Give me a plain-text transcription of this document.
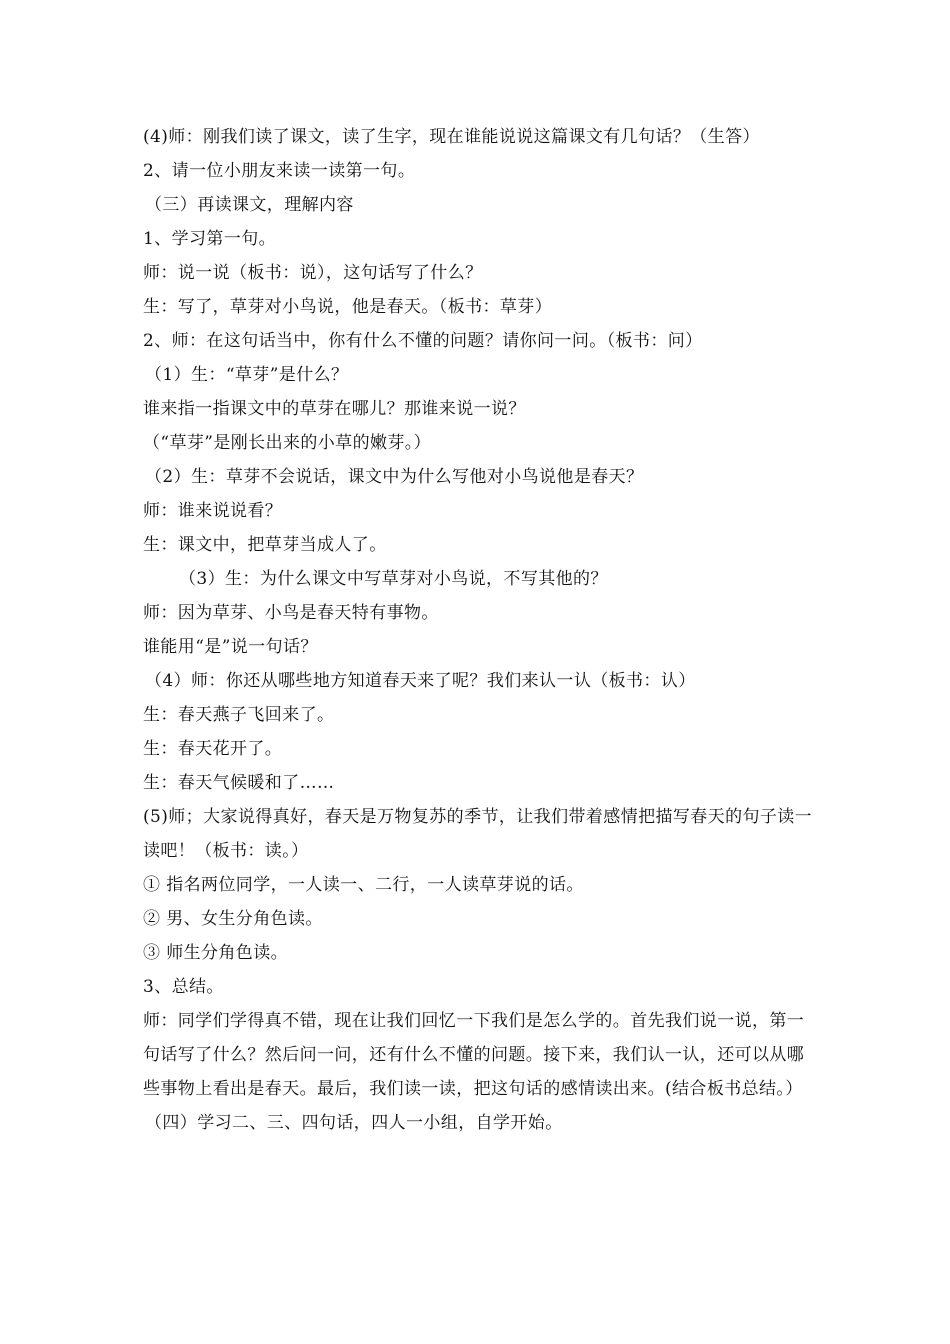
(4)师：刚我们读了课文，读了生字，现在谁能说说这篇课文有几句话？（生答）
2、请一位小朋友来读一读第一句。
（三）再读课文，理解内容
1、学习第一句。
师：说一说（板书：说），这句话写了什么？
生：写了，草芽对小鸟说，他是春天。（板书：草芽）
2、师：在这句话当中，你有什么不懂的问题？请你问一问。（板书：问）
（1）生：“草芽”是什么？
谁来指一指课文中的草芽在哪儿？那谁来说一说？
（“草芽”是刚长出来的小草的嫩芽。）
（2）生：草芽不会说话，课文中为什么写他对小鸟说他是春天？
师：谁来说说看？
生：课文中，把草芽当成人了。
（3）生：为什么课文中写草芽对小鸟说，不写其他的？
师：因为草芽、小鸟是春天特有事物。
谁能用“是”说一句话？
（4）师：你还从哪些地方知道春天来了呢？我们来认一认（板书：认）
生：春天燕子飞回来了。
生：春天花开了。
生：春天气候暖和了……
(5)师；大家说得真好，春天是万物复苏的季节，让我们带着感情把描写春天的句子读一读吧！（板书：读。）
① 指名两位同学，一人读一、二行，一人读草芽说的话。
② 男、女生分角色读。
③ 师生分角色读。
3、总结。
师：同学们学得真不错，现在让我们回忆一下我们是怎么学的。首先我们说一说，第一句话写了什么？然后问一问，还有什么不懂的问题。接下来，我们认一认，还可以从哪些事物上看出是春天。最后，我们读一读，把这句话的感情读出来。(结合板书总结。）
（四）学习二、三、四句话，四人一小组，自学开始。
